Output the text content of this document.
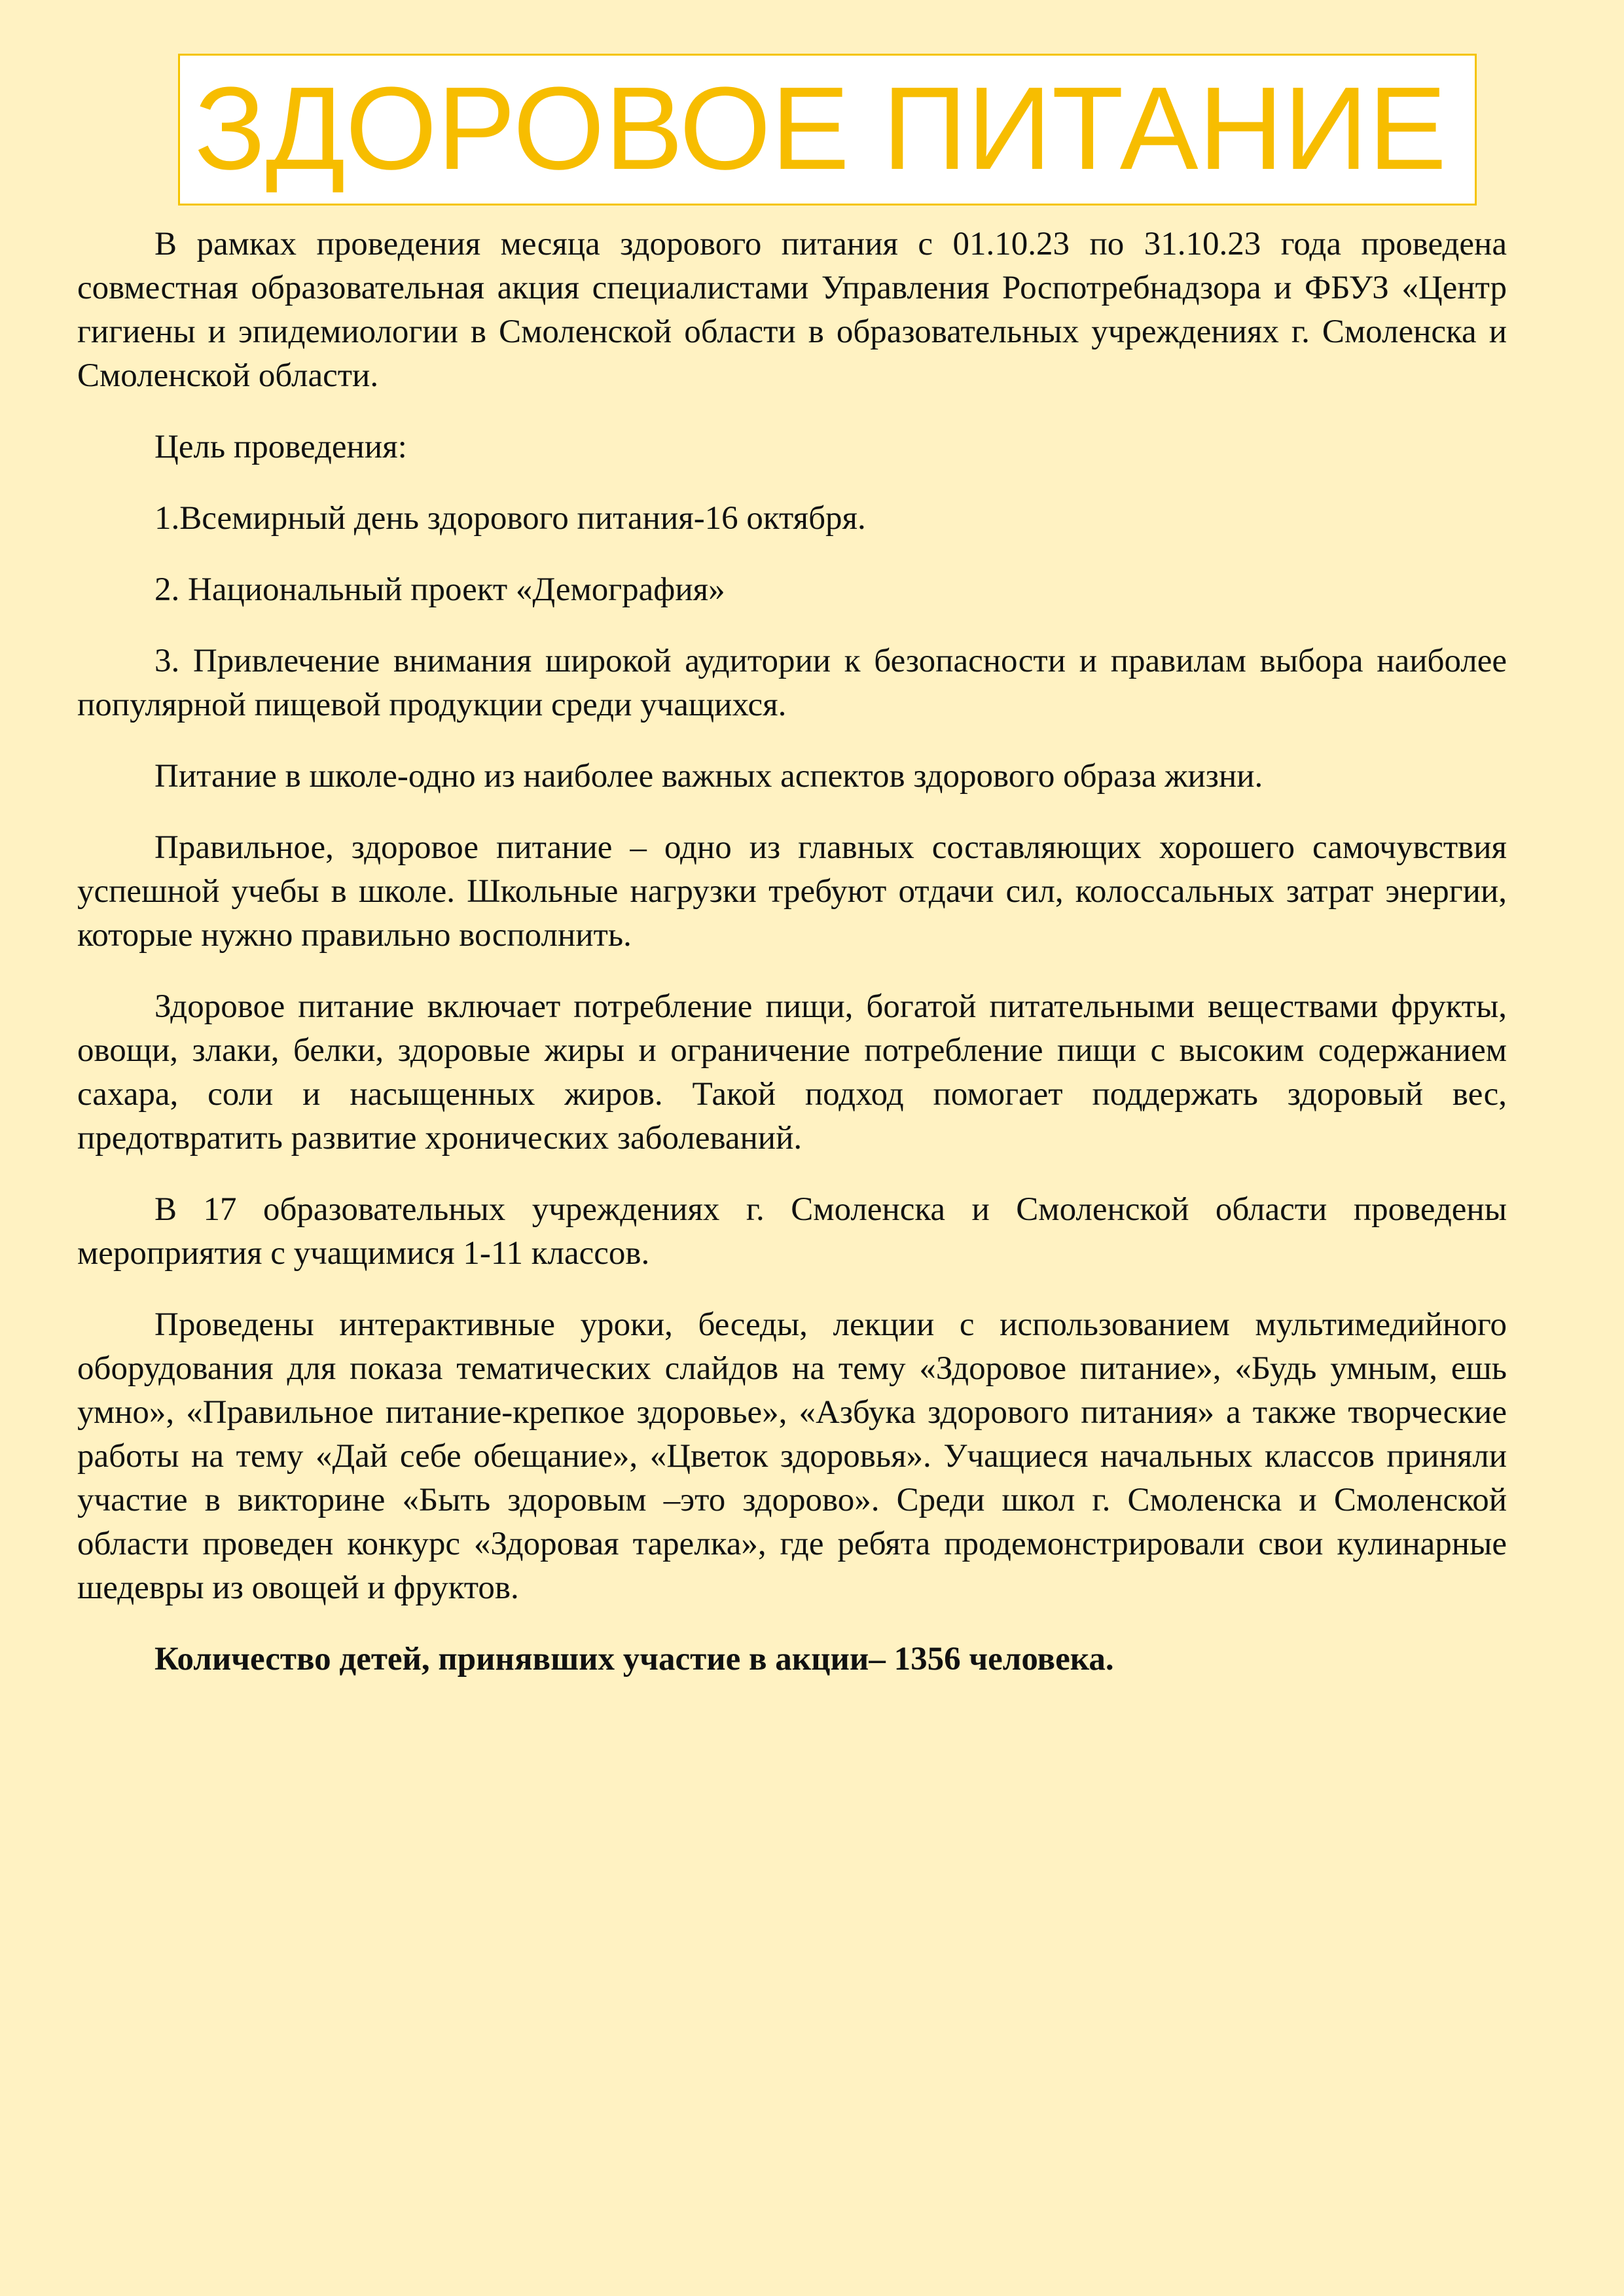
ЗДОРОВОЕ ПИТАНИЕ

В рамках проведения месяца здорового питания с 01.10.23 по 31.10.23 года проведена совместная образовательная акция специалистами Управления Роспотребнадзора и ФБУЗ «Центр гигиены и эпидемиологии в Смоленской области в образовательных учреждениях г. Смоленска и Смоленской области.

Цель проведения:

1.Всемирный день здорового питания-16 октября.

2. Национальный проект «Демография»

3. Привлечение внимания широкой аудитории к безопасности и правилам выбора наиболее популярной пищевой продукции среди учащихся.

Питание в школе-одно из наиболее важных аспектов здорового образа жизни.

Правильное, здоровое питание – одно из главных составляющих хорошего самочувствия успешной учебы в школе. Школьные нагрузки требуют отдачи сил, колоссальных затрат энергии, которые нужно правильно восполнить.

Здоровое питание включает потребление пищи, богатой питательными веществами фрукты, овощи, злаки, белки, здоровые жиры и ограничение потребление пищи с высоким содержанием сахара, соли и насыщенных жиров. Такой подход помогает поддержать здоровый вес, предотвратить развитие хронических заболеваний.

В 17 образовательных учреждениях г. Смоленска и Смоленской области проведены мероприятия с учащимися 1-11 классов.

Проведены интерактивные уроки, беседы, лекции с использованием мультимедийного оборудования для показа тематических слайдов на тему «Здоровое питание», «Будь умным, ешь умно», «Правильное питание-крепкое здоровье», «Азбука здорового питания» а также творческие работы на тему «Дай себе обещание», «Цветок здоровья». Учащиеся начальных классов приняли участие в викторине «Быть здоровым –это здорово». Среди школ г. Смоленска и Смоленской области проведен конкурс «Здоровая тарелка», где ребята продемонстрировали свои кулинарные шедевры из овощей и фруктов.

Количество детей, принявших участие в акции– 1356 человека.
